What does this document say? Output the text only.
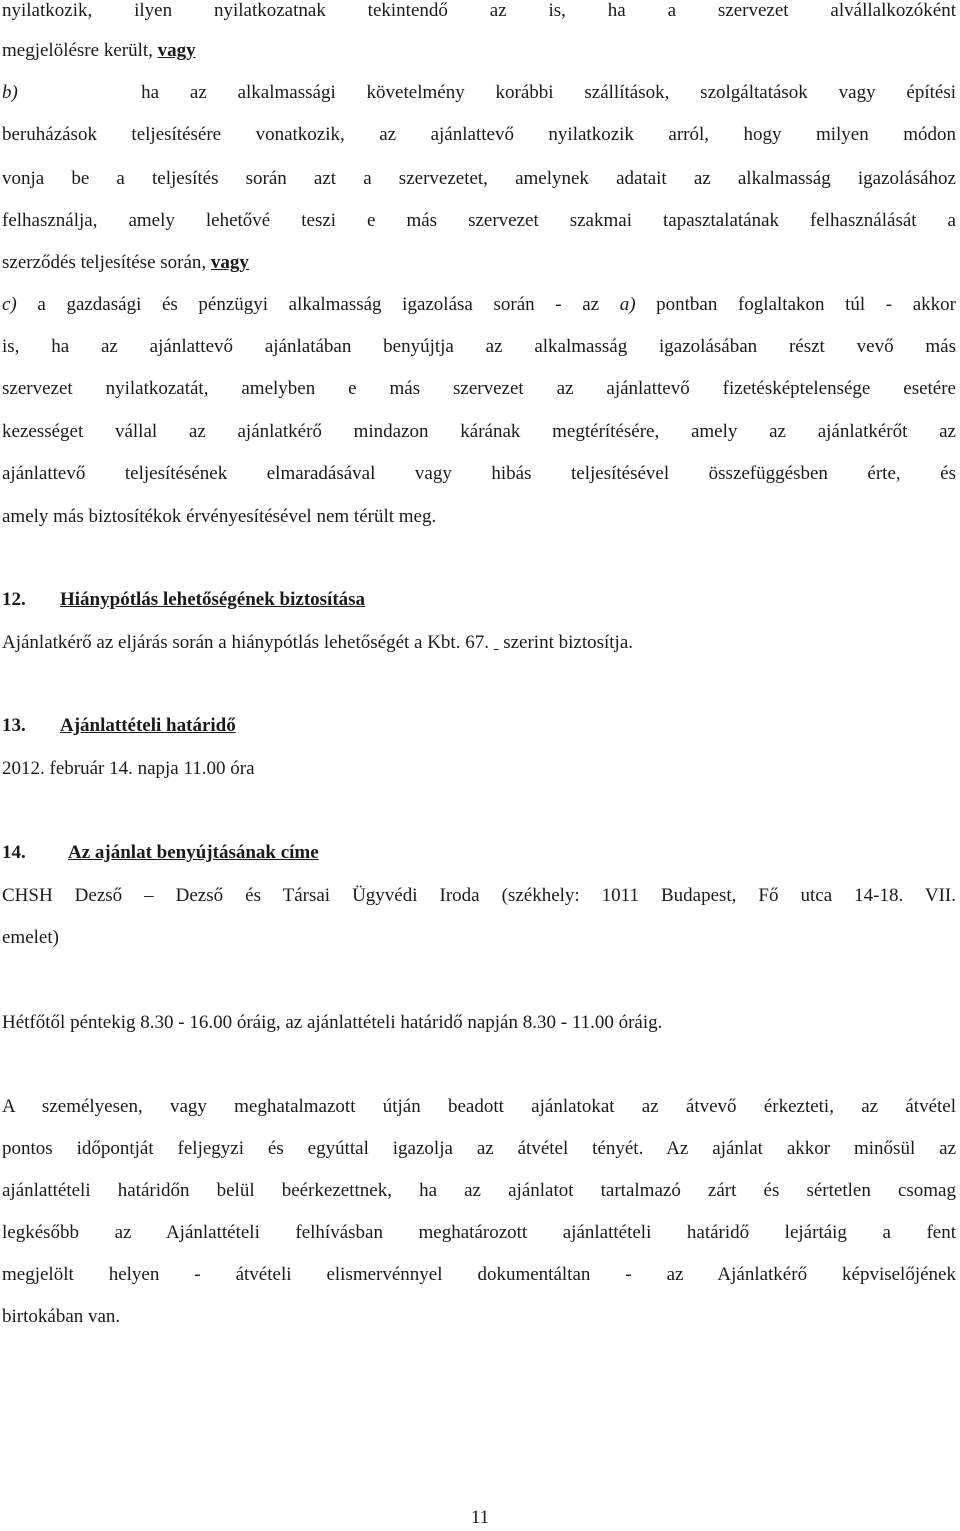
nyilatkozik, ilyen nyilatkozatnak tekintendő az is, ha a szervezet alvállalkozóként
megjelölésre került, vagy
b)	ha az alkalmassági követelmény korábbi szállítások, szolgáltatások vagy építési
beruházások teljesítésére vonatkozik, az ajánlattevő nyilatkozik arról, hogy milyen módon
vonja be a teljesítés során azt a szervezetet, amelynek adatait az alkalmasság igazolásához
felhasználja, amely lehetővé teszi e más szervezet szakmai tapasztalatának felhasználását a
szerződés teljesítése során, vagy
c) a gazdasági és pénzügyi alkalmasság igazolása során - az a) pontban foglaltakon túl - akkor
is, ha az ajánlattevő ajánlatában benyújtja az alkalmasság igazolásában részt vevő más
szervezet nyilatkozatát, amelyben e más szervezet az ajánlattevő fizetésképtelensége esetére
kezességet vállal az ajánlatkérő mindazon kárának megtérítésére, amely az ajánlatkérőt az
ajánlattevő teljesítésének elmaradásával vagy hibás teljesítésével összefüggésben érte, és
amely más biztosítékok érvényesítésével nem térült meg.
12. Hiánypótlás lehetőségének biztosítása
Ajánlatkérő az eljárás során a hiánypótlás lehetőségét a Kbt. 67. szerint biztosítja.
13. Ajánlattételi határidő
2012. február 14. napja 11.00 óra
14. Az ajánlat benyújtásának címe
CHSH Dezső – Dezső és Társai Ügyvédi Iroda (székhely: 1011 Budapest, Fő utca 14-18. VII.
emelet)
Hétfőtől péntekig 8.30 - 16.00 óráig, az ajánlattételi határidő napján 8.30 - 11.00 óráig.
A személyesen, vagy meghatalmazott útján beadott ajánlatokat az átvevő érkezteti, az átvétel
pontos időpontját feljegyzi és egyúttal igazolja az átvétel tényét. Az ajánlat akkor minősül az
ajánlattételi határidőn belül beérkezettnek, ha az ajánlatot tartalmazó zárt és sértetlen csomag
legkésőbb az Ajánlattételi felhívásban meghatározott ajánlattételi határidő lejártáig a fent
megjelölt helyen - átvételi elismervénnyel dokumentáltan - az Ajánlatkérő képviselőjének
birtokában van.
11
